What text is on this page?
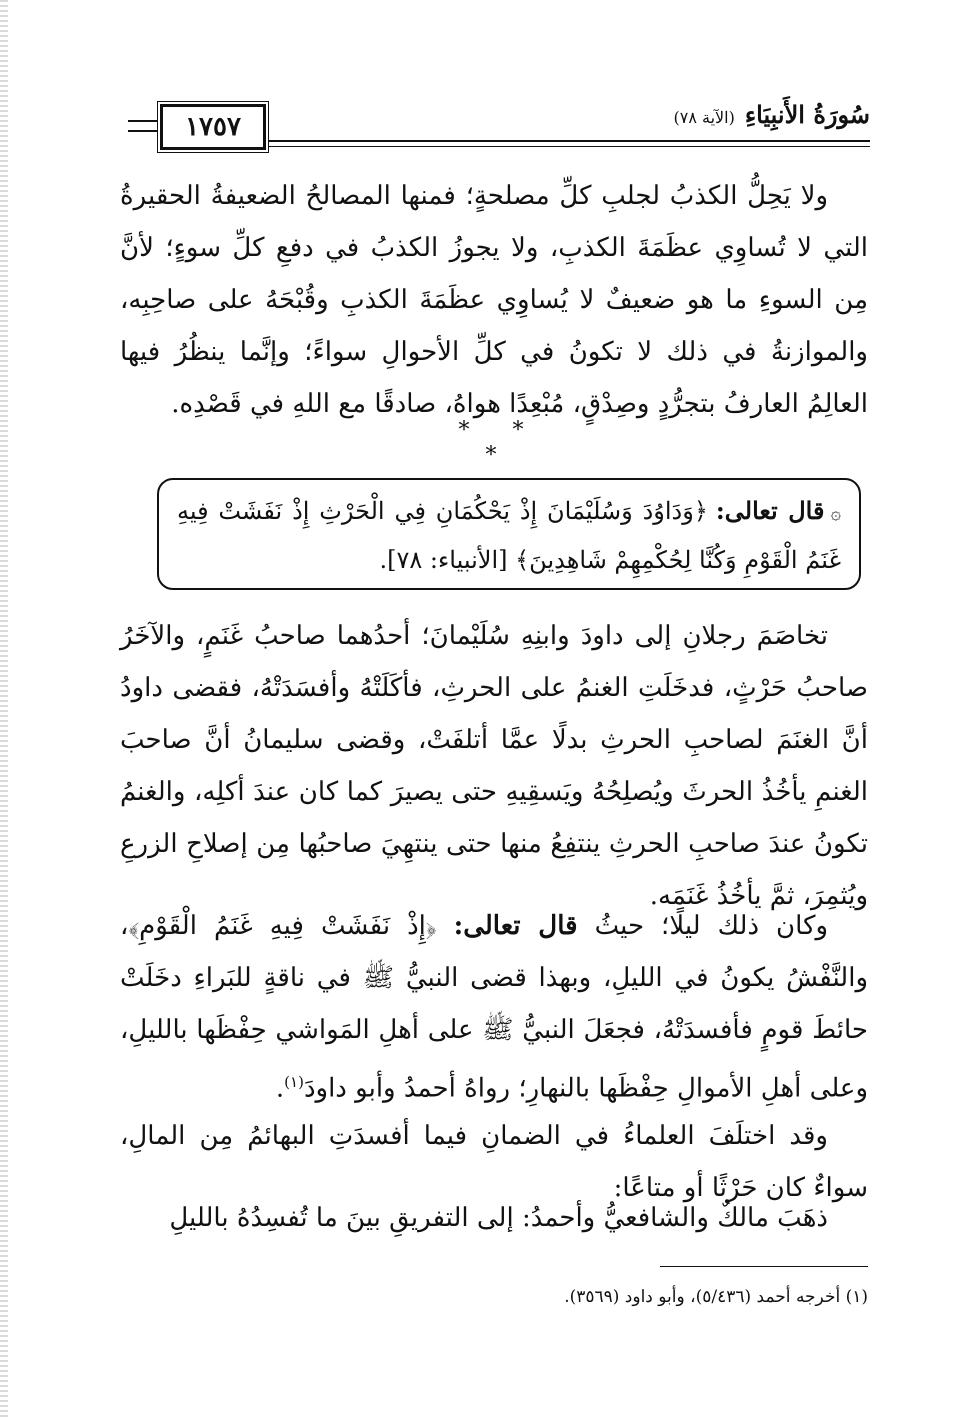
١٧٥٧	سُورَةُ الأَنبِيَاءِ
(الآية ٧٨)
ولا يَحِلُّ الكذبُ لجلبِ كلِّ مصلحةٍ؛ فمنها المصالحُ الضعيفةُ الحقيرةُ التي لا تُساوِي عظَمَةَ الكذبِ، ولا يجوزُ الكذبُ في دفعِ كلِّ سوءٍ؛ لأنَّ مِن السوءِ ما هو ضعيفٌ لا يُساوِي عظَمَةَ الكذبِ وقُبْحَهُ على صاحِبِه، والموازنةُ في ذلك لا تكونُ في كلِّ الأحوالِ سواءً؛ وإنَّما ينظُرُ فيها العالِمُ العارفُ بتجرُّدٍ وصِدْقٍ، مُبْعِدًا هواهُ، صادقًا مع اللهِ في قَصْدِه.
* * *
۞قال تعالى:﴿وَدَاوُدَ وَسُلَيْمَانَ إِذْ يَحْكُمَانِ فِي الْحَرْثِ إِذْ نَفَشَتْ فِيهِ غَنَمُ الْقَوْمِ وَكُنَّا لِحُكْمِهِمْ شَاهِدِينَ﴾ [الأنبياء: ٧٨].
تخاصَمَ رجلانِ إلى داودَ وابنِهِ سُلَيْمانَ؛ أحدُهما صاحبُ غَنَمٍ، والآخَرُ صاحبُ حَرْثٍ، فدخَلَتِ الغنمُ على الحرثِ، فأكَلَتْهُ وأفسَدَتْهُ، فقضى داودُ أنَّ الغنَمَ لصاحبِ الحرثِ بدلًا عمَّا أتلفَتْ، وقضى سليمانُ أنَّ صاحبَ الغنمِ يأخُذُ الحرثَ ويُصلِحُهُ ويَسقِيهِ حتى يصيرَ كما كان عندَ أكلِه، والغنمُ تكونُ عندَ صاحبِ الحرثِ ينتفِعُ منها حتى ينتهِيَ صاحبُها مِن إصلاحِ الزرعِ ويُثمِرَ، ثمَّ يأخُذُ غَنَمَه.
وكان ذلك ليلًا؛ حيثُ قال تعالى: ﴿إِذْ نَفَشَتْ فِيهِ غَنَمُ الْقَوْمِ﴾، والنَّفْشُ يكونُ في الليلِ، وبهذا قضى النبيُّ ﷺ في ناقةٍ للبَراءِ دخَلَتْ حائطَ قومٍ فأفسدَتْهُ، فجعَلَ النبيُّ ﷺ على أهلِ المَواشي حِفْظَها بالليلِ، وعلى أهلِ الأموالِ حِفْظَها بالنهارِ؛ رواهُ أحمدُ وأبو داودَ$^{(١)}$.
وقد اختلَفَ العلماءُ في الضمانِ فيما أفسدَتِ البهائمُ مِن المالِ، سواءٌ كان حَرْثًا أو متاعًا:
ذهَبَ مالكٌ والشافعيُّ وأحمدُ: إلى التفريقِ بينَ ما تُفسِدُهُ بالليلِ
(١) أخرجه أحمد (٥/٤٣٦)، وأبو داود (٣٥٦٩).
